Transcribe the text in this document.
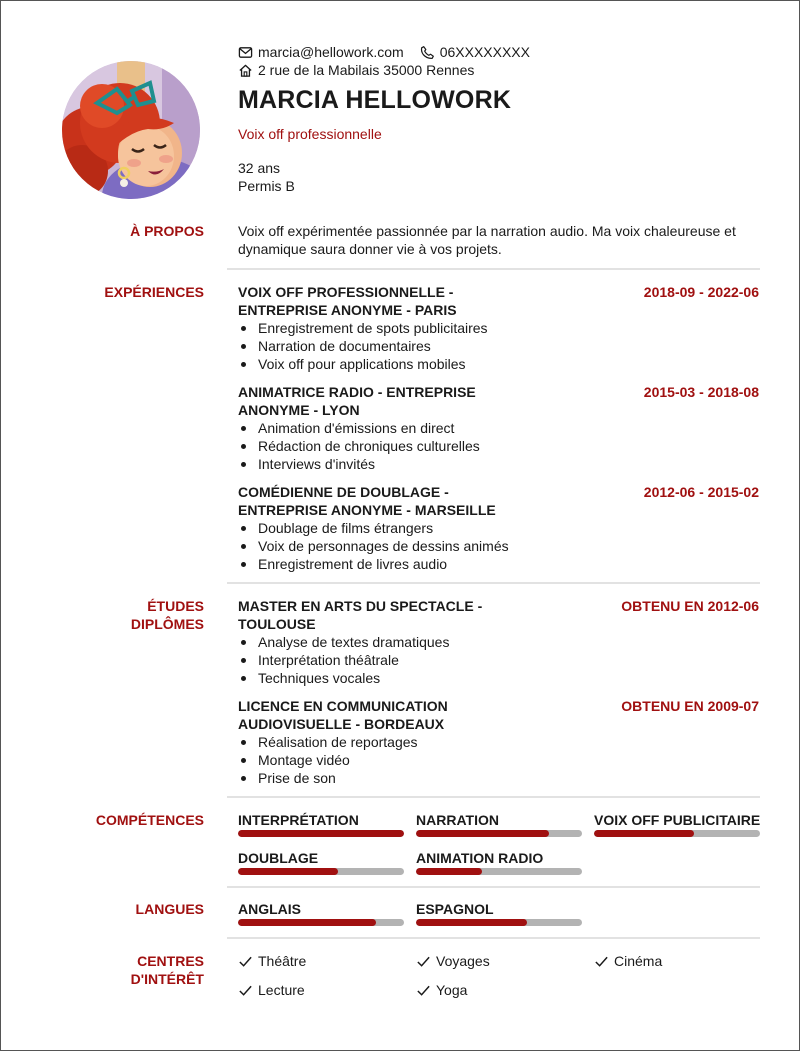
marcia@hellowork.com	06XXXXXXXX
2 rue de la Mabilais 35000 Rennes
MARCIA HELLOWORK
Voix off professionnelle
32 ans
Permis B
À PROPOS Voix off expérimentée passionnée par la narration audio. Ma voix chaleureuse et dynamique saura donner vie à vos projets.
EXPÉRIENCES VOIX OFF PROFESSIONNELLE -
ENTREPRISE ANONYME - PARIS
2018-09 - 2022-06
Enregistrement de spots publicitaires
Narration de documentaires
Voix off pour applications mobiles
ANIMATRICE RADIO - ENTREPRISE
ANONYME - LYON
2015-03 - 2018-08
Animation d'émissions en direct
Rédaction de chroniques culturelles
Interviews d'invités
COMÉDIENNE DE DOUBLAGE -
ENTREPRISE ANONYME - MARSEILLE
2012-06 - 2015-02
Doublage de films étrangers
Voix de personnages de dessins animés
Enregistrement de livres audio
ÉTUDES
DIPLÔMES
MASTER EN ARTS DU SPECTACLE -
TOULOUSE
OBTENU EN 2012-06
Analyse de textes dramatiques
Interprétation théâtrale
Techniques vocales
LICENCE EN COMMUNICATION
AUDIOVISUELLE - BORDEAUX
OBTENU EN 2009-07
Réalisation de reportages
Montage vidéo
Prise de son
COMPÉTENCES INTERPRÉTATION	NARRATION	VOIX OFF PUBLICITAIRE
DOUBLAGE	ANIMATION RADIO
LANGUES ANGLAIS	ESPAGNOL
CENTRES
D'INTÉRÊT
Théâtre	Voyages	Cinéma
Lecture	Yoga
